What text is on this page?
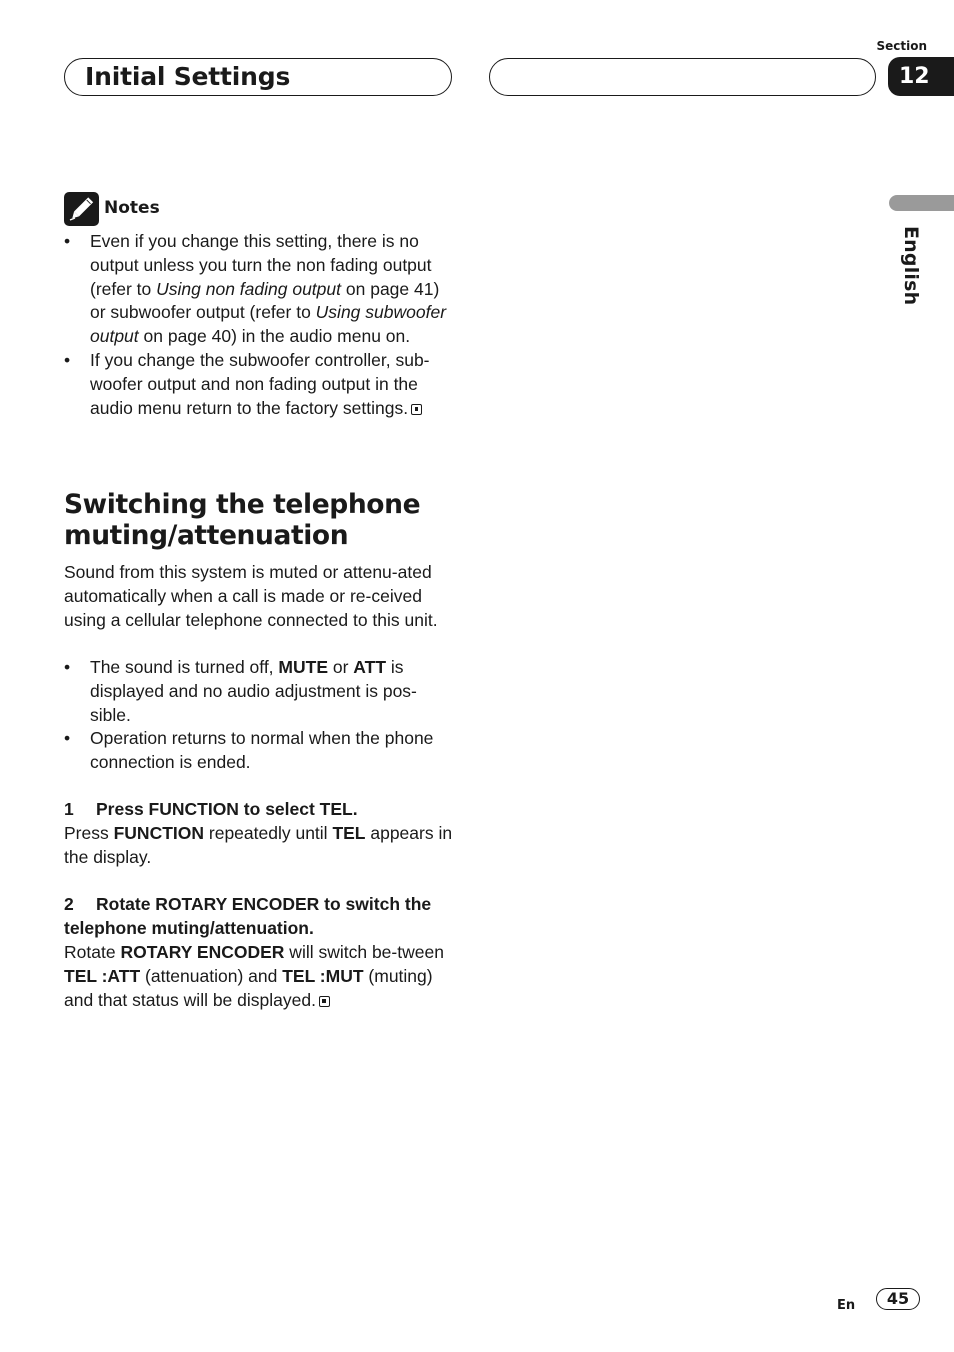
Initial Settings
Section
12
English
Notes
•	Even if you change this setting, there is no output unless you turn the non fading output (refer to Using non fading output on page 41) or subwoofer output (refer to Using subwoofer output on page 40) in the audio menu on.
•	If you change the subwoofer controller, sub-woofer output and non fading output in the audio menu return to the factory settings.
Switching the telephone muting/attenuation

Sound from this system is muted or attenu-ated automatically when a call is made or re-ceived using a cellular telephone connected to this unit.

•	The sound is turned off, MUTE or ATT is displayed and no audio adjustment is pos-sible.
•	Operation returns to normal when the phone connection is ended.

1 Press FUNCTION to select TEL.

Press FUNCTION repeatedly until TEL appears in the display.

2 Rotate ROTARY ENCODER to switch the telephone muting/attenuation.

Rotate ROTARY ENCODER will switch be-tween TEL :ATT (attenuation) and TEL :MUT (muting) and that status will be displayed.

En	45
